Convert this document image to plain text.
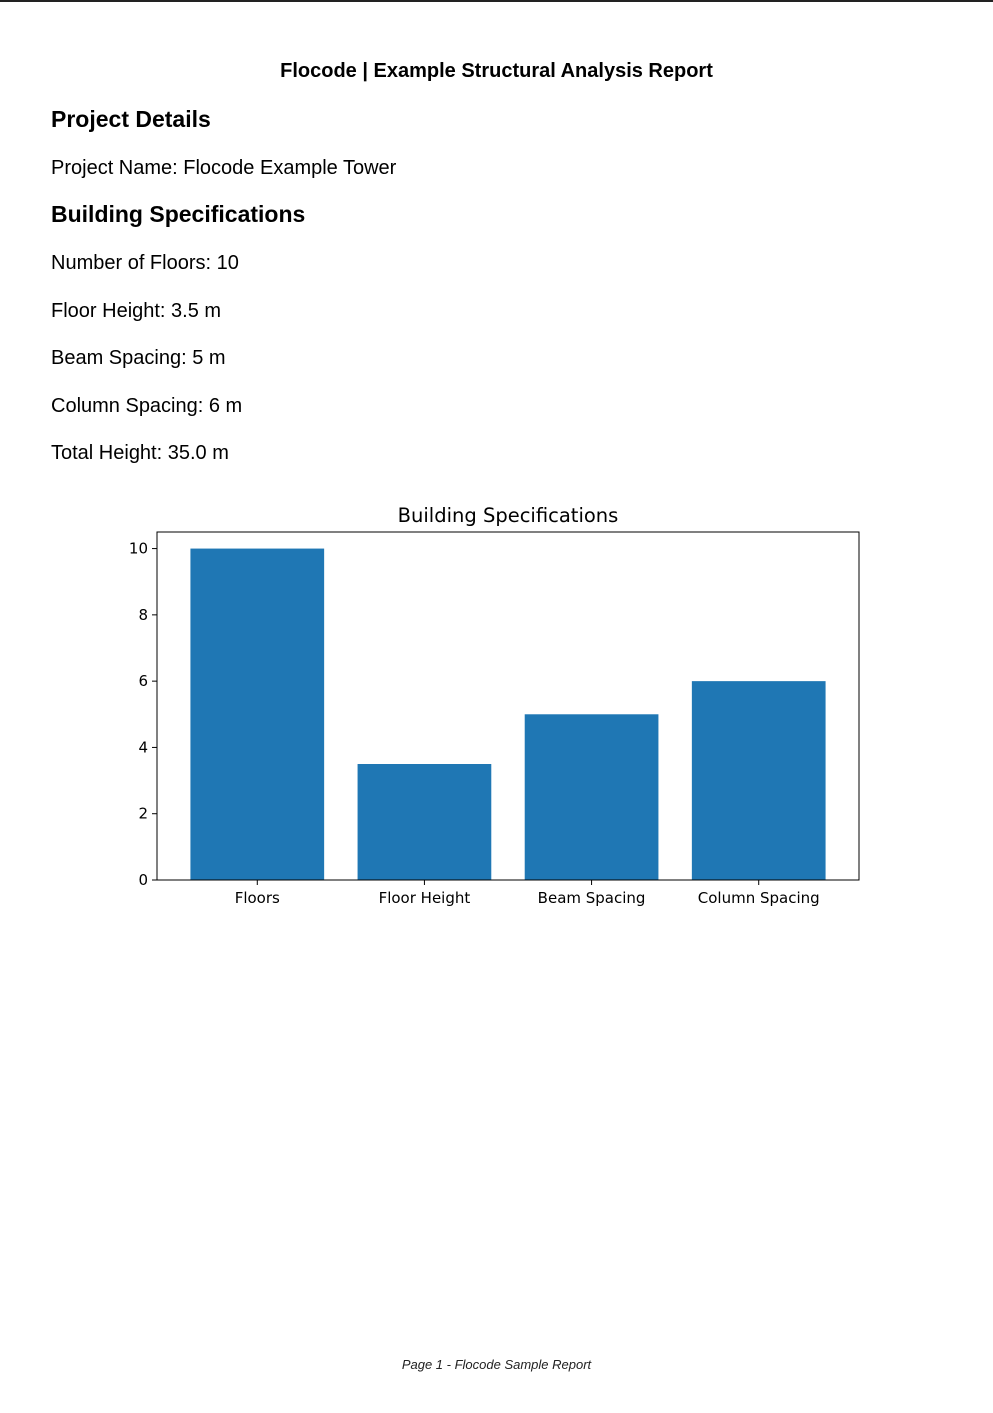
Flocode | Example Structural Analysis Report
Project Details
Project Name: Flocode Example Tower
Building Specifications
Number of Floors: 10
Floor Height: 3.5 m
Beam Spacing: 5 m
Column Spacing: 6 m
Total Height: 35.0 m
Building Specifications
0
2
4
6
8
10
Floors	Floor Height	Beam Spacing	Column Spacing
Page 1 - Flocode Sample Report
